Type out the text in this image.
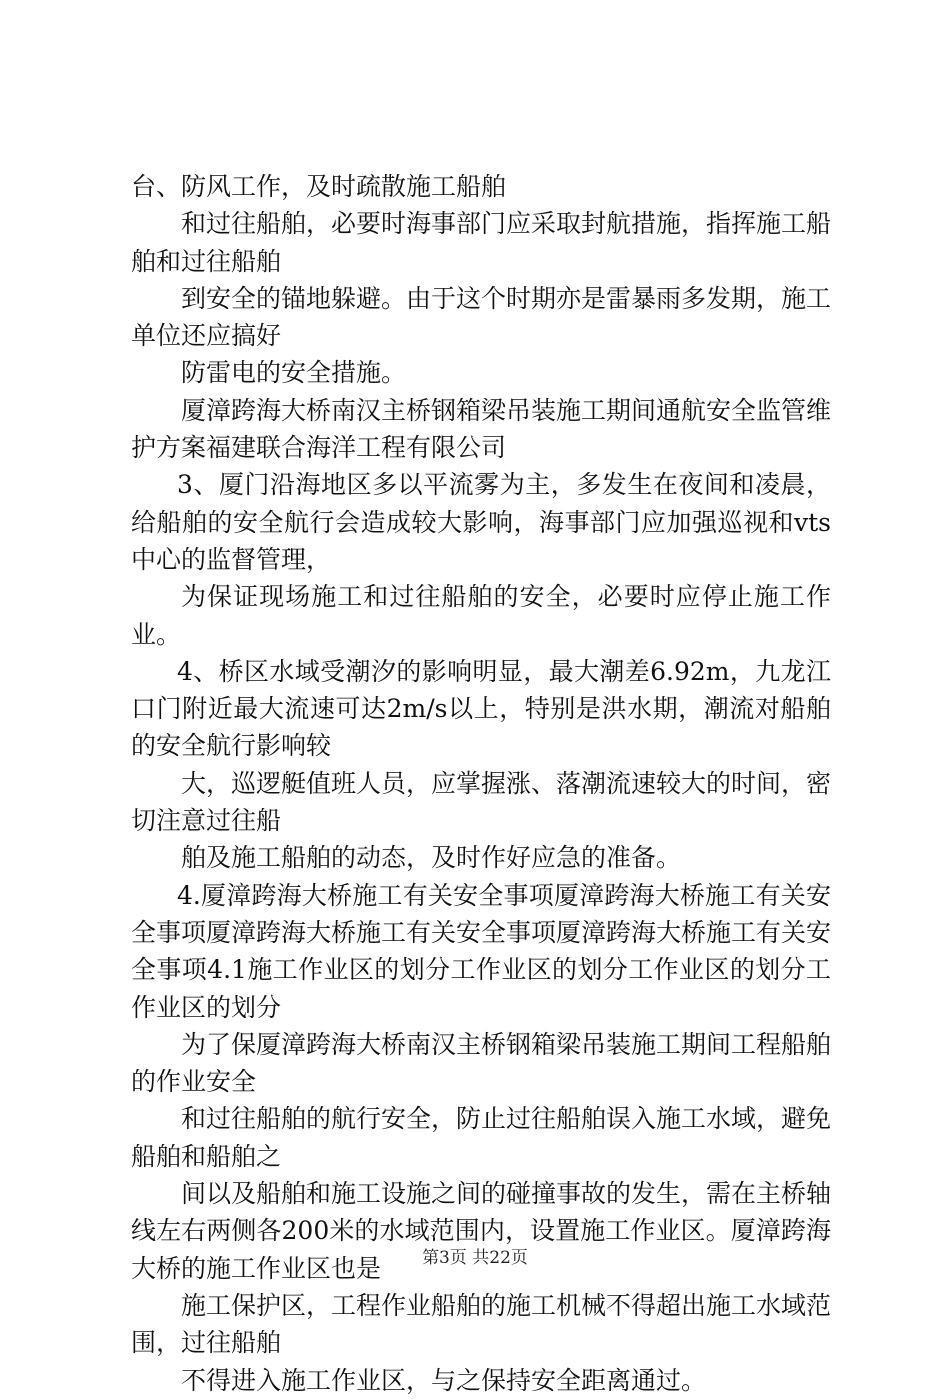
台、防风工作，及时疏散施工船舶

和过往船舶，必要时海事部门应采取封航措施，指挥施工船舶和过往船舶

到安全的锚地躲避。由于这个时期亦是雷暴雨多发期，施工单位还应搞好

防雷电的安全措施。

厦漳跨海大桥南汉主桥钢箱梁吊装施工期间通航安全监管维护方案福建联合海洋工程有限公司

3、厦门沿海地区多以平流雾为主，多发生在夜间和凌晨，给船舶的安全航行会造成较大影响，海事部门应加强巡视和vts中心的监督管理，

为保证现场施工和过往船舶的安全，必要时应停止施工作业。

4、桥区水域受潮汐的影响明显，最大潮差6.92m，九龙江口门附近最大流速可达2m/s以上，特别是洪水期，潮流对船舶的安全航行影响较

大，巡逻艇值班人员，应掌握涨、落潮流速较大的时间，密切注意过往船

舶及施工船舶的动态，及时作好应急的准备。

4.厦漳跨海大桥施工有关安全事项厦漳跨海大桥施工有关安全事项厦漳跨海大桥施工有关安全事项厦漳跨海大桥施工有关安全事项4.1施工作业区的划分工作业区的划分工作业区的划分工作业区的划分

为了保厦漳跨海大桥南汉主桥钢箱梁吊装施工期间工程船舶的作业安全

和过往船舶的航行安全，防止过往船舶误入施工水域，避免船舶和船舶之

间以及船舶和施工设施之间的碰撞事故的发生，需在主桥轴线左右两侧各200米的水域范围内，设置施工作业区。厦漳跨海大桥的施工作业区也是

施工保护区，工程作业船舶的施工机械不得超出施工水域范围，过往船舶

不得进入施工作业区，与之保持安全距离通过。

第3页 共22页
